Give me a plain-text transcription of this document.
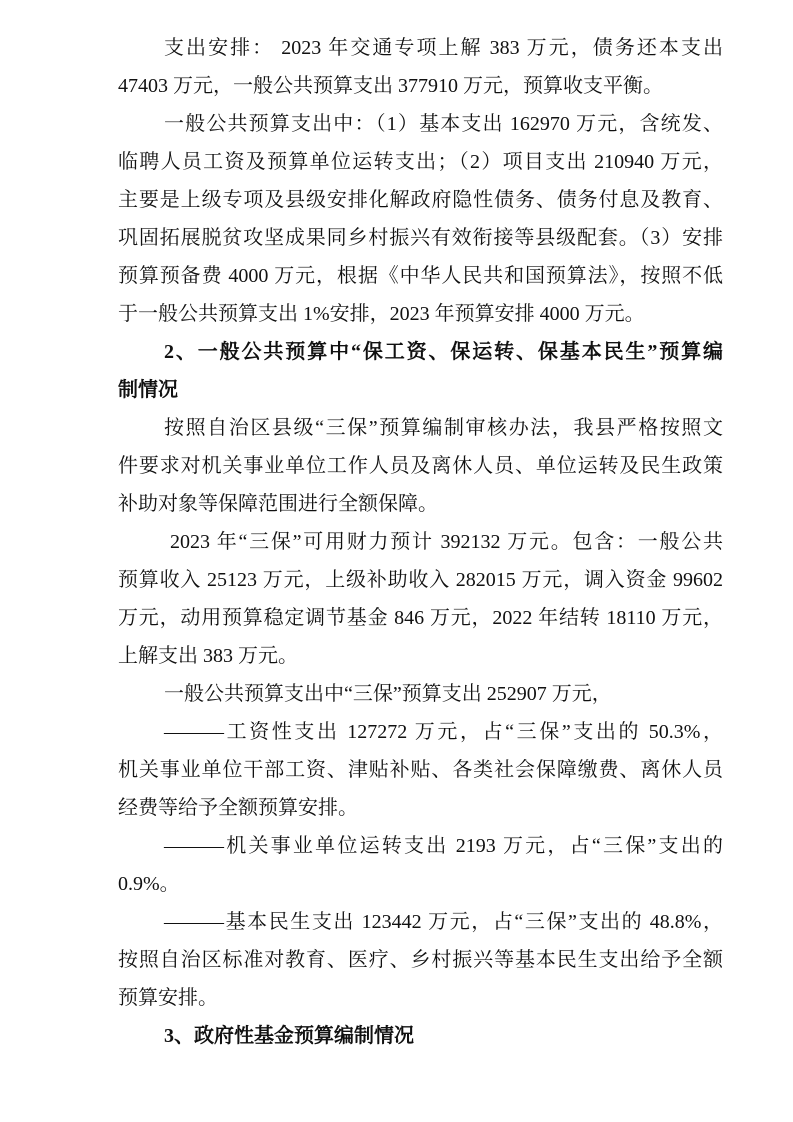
支出安排： 2023 年交通专项上解 383 万元，债务还本支出
47403 万元，一般公共预算支出 377910 万元，预算收支平衡。
一般公共预算支出中：（1）基本支出 162970 万元，含统发、
临聘人员工资及预算单位运转支出；（2）项目支出 210940 万元，
主要是上级专项及县级安排化解政府隐性债务、债务付息及教育、
巩固拓展脱贫攻坚成果同乡村振兴有效衔接等县级配套。（3）安排
预算预备费 4000 万元，根据《中华人民共和国预算法》，按照不低
于一般公共预算支出 1%安排，2023 年预算安排 4000 万元。
2、一般公共预算中“保工资、保运转、保基本民生”预算编
制情况
按照自治区县级“三保”预算编制审核办法，我县严格按照文
件要求对机关事业单位工作人员及离休人员、单位运转及民生政策
补助对象等保障范围进行全额保障。
2023 年“三保”可用财力预计 392132 万元。包含：一般公共
预算收入 25123 万元，上级补助收入 282015 万元，调入资金 99602
万元，动用预算稳定调节基金 846 万元，2022 年结转 18110 万元，
上解支出 383 万元。
一般公共预算支出中“三保”预算支出 252907 万元，
———工资性支出 127272 万元，占“三保”支出的 50.3%，
机关事业单位干部工资、津贴补贴、各类社会保障缴费、离休人员
经费等给予全额预算安排。
———机关事业单位运转支出 2193 万元，占“三保”支出的
0.9%。
———基本民生支出 123442 万元，占“三保”支出的 48.8%，
按照自治区标准对教育、医疗、乡村振兴等基本民生支出给予全额
预算安排。
3、政府性基金预算编制情况
